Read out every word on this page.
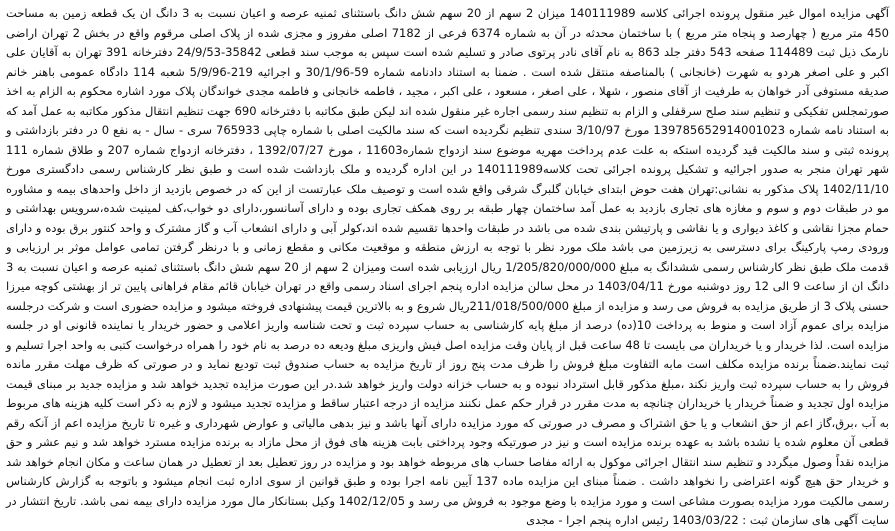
آگهی مزایده اموال غیر منقول پرونده اجرائی کلاسه 140111989 میزان 2 سهم از 20 سهم شش دانگ باستثنای ثمنیه عرصه و اعیان نسبت به 3 دانگ ان یک قطعه زمین به مساحت 450 متر مربع ( چهارصد و پنجاه متر مربع ) با ساختمان محدثه در آن به شماره 6374 فرعی از 7182 اصلی مفروز و مجزی شده از پلاک اصلی مرقوم واقع در بخش 2 تهران اراضی نارمک ذیل ثبت 114489 صفحه 543 دفتر جلد 863 به نام آقای نادر پرتوی صادر و تسلیم شده است سپس به موجب سند قطعی 35842-24/9/53 دفترخانه 391 تهران به آقایان علی اکبر و علی اصغر هردو به شهرت (خانجانی ) بالمناصفه منتقل شده است . ضمنا به استناد دادنامه شماره 59-30/1/96 و اجرائیه 219-5/9/96 شعبه 114 دادگاه عمومی باهنر خانم صدیقه مستوفی آدر خواهان به طرفیت از آقای منصور ، شهلا ، علی اصغر ، مسعود ، علی اکبر ، مجید ، فاطمه خانجانی و فاطمه مجدی خواندگان پلاک مورد اشاره محکوم به الزام به اخذ صورتمجلس تفکیکی و تنظیم سند صلح سرقفلی و الزام به تنظیم سند رسمی اجاره غیر منقول شده اند لیکن طبق مکاتبه با دفترخانه 690 جهت تنظیم انتقال مذکور مکاتبه به عمل آمد که به استناد نامه شماره 139785652914001023 مورخ 3/10/97 سندی تنظیم نگردیده است که سند مالکیت اصلی با شماره چاپی 765933 سری - سال - به نفع 0 در دفتر بازداشتی و پرونده ثبتی و سند مالکیت قید گردیده استکه به علت عدم پرداخت مهریه موضوع سند ازدواج شماره11603 ، مورخ 1392/07/27 ، دفترخانه ازدواج شماره 207 و طلاق شماره 111 شهر تهران منجر به صدور اجرائیه و تشکیل پرونده اجرائی تحت کلاسه140111989 در این اداره گردیده و ملک بازداشت شده است و طبق نظر کارشناس رسمی دادگستری مورخ 1402/11/10 پلاک مذکور به نشانی:تهران هفت حوض ابتدای خیابان گلبرگ شرقی واقع شده است و توصیف ملک عبارتست از این که در خصوص بازدید از داخل واحدهای بیمه و مشاوره مو در طبقات دوم و سوم و مغازه های تجاری بازدید به عمل آمد ساختمان چهار طبقه بر روی همکف تجاری بوده و دارای آسانسور،دارای دو خواب،کف لمینیت شده،سرویس بهداشتی و حمام مجزا نقاشی و کاغذ دیواری و یا نقاشی و پارتیشن بندی شده می باشد در طبقات واحدها تقسیم شده اند،کولر آبی و دارای انشعاب آب و گاز مشترک و واحد کنتور برق بوده و دارای ورودی رمپ پارکینگ برای دسترسی به زیرزمین می باشد ملک مورد نظر با توجه به ارزش منطقه و موقعیت مکانی و مقطع زمانی و با درنظر گرفتن تمامی عوامل موثر بر ارزیابی و قدمت ملک طبق نظر کارشناس رسمی ششدانگ به مبلغ 1/205/820/000/000 ریال ارزیابی شده است ومیزان 2 سهم از 20 سهم شش دانگ باستثنای ثمنیه عرصه و اعیان نسبت به 3 دانگ ان از ساعت 9 الی 12 روز دوشنبه مورخ 1403/04/11 در محل سالن مزایده اداره پنجم اجرای اسناد رسمی واقع در تهران خیابان قائم مقام فراهانی پایین تر از بهشتی کوچه میرزا حسنی پلاک 3 از طریق مزایده به فروش می رسد و مزایده از مبلغ 211/018/500/000ریال شروع و به بالاترین قیمت پیشنهادی فروخته میشود و مزایده حضوری است و شرکت درجلسه مزایده برای عموم آزاد است و منوط به پرداخت 10(ده) درصد از مبلغ پایه کارشناسی به حساب سپرده ثبت و تحت شناسه واریز اعلامی و حضور خریدار یا نماینده قانونی او در جلسه مزایده است. لذا خریدار و یا خریداران می بایست تا 48 ساعت قبل از پایان وقت مزایده اصل فیش واریزی مبلغ ودیعه ده درصد به نام خود را همراه درخواست کتبی به واحد اجرا تسلیم و ثبت نمایند.ضمناً برنده مزایده مکلف است مابه التفاوت مبلغ فروش را ظرف مدت پنج روز از تاریخ مزایده به حساب صندوق ثبت تودیع نماید و در صورتی که ظرف مهلت مقرر مانده فروش را به حساب سپرده ثبت واریز نکند ،مبلغ مذکور قابل استرداد نبوده و به حساب خزانه دولت واریز خواهد شد.در این صورت مزایده تجدید خواهد شد و مزایده جدید بر مبنای قیمت مزایده اول تجدید و ضمناً خریدار یا خریداران چنانچه به مدت مقرر در قرار حکم عمل نکنند مزایده از درجه اعتبار ساقط و مزایده تجدید میشود و لازم به ذکر است کلیه هزینه های مربوط به آب ،برق،گاز اعم از حق انشعاب و یا حق اشتراک و مصرف در صورتی که مورد مزایده دارای آنها باشد و نیز بدهی مالیاتی و عوارض شهرداری و غیره تا تاریخ مزایده اعم از آنکه رقم قطعی آن معلوم شده یا نشده باشد به عهده برنده مزایده است و نیز در صورتیکه وجود پرداختی بابت هزینه های فوق از محل مازاد به برنده مزایده مسترد خواهد شد و نیم عشر و حق مزایده نقداً وصول میگردد و تنظیم سند انتقال اجرائی موکول به ارائه مفاصا حساب های مربوطه خواهد بود و مزایده در روز تعطیل بعد از تعطیل در همان ساعت و مکان انجام خواهد شد و خریدار حق هیچ گونه اعتراضی را نخواهد داشت . ضمناً مبنای این مزایده ماده 137 آیین نامه اجرا بوده و طبق قوانین از سوی اداره ثبت انجام میشود و باتوجه به گزارش کارشناس رسمی مالکیت مورد مزایده بصورت مشاعی است و مورد مزایده با وضع موجود به فروش می رسد و 1402/12/05 وکیل بستانکار مال مورد مزایده دارای بیمه نمی باشد. تاریخ انتشار در سایت آگهی های سازمان ثبت : 1403/03/22 رئیس اداره پنجم اجرا - مجدی
